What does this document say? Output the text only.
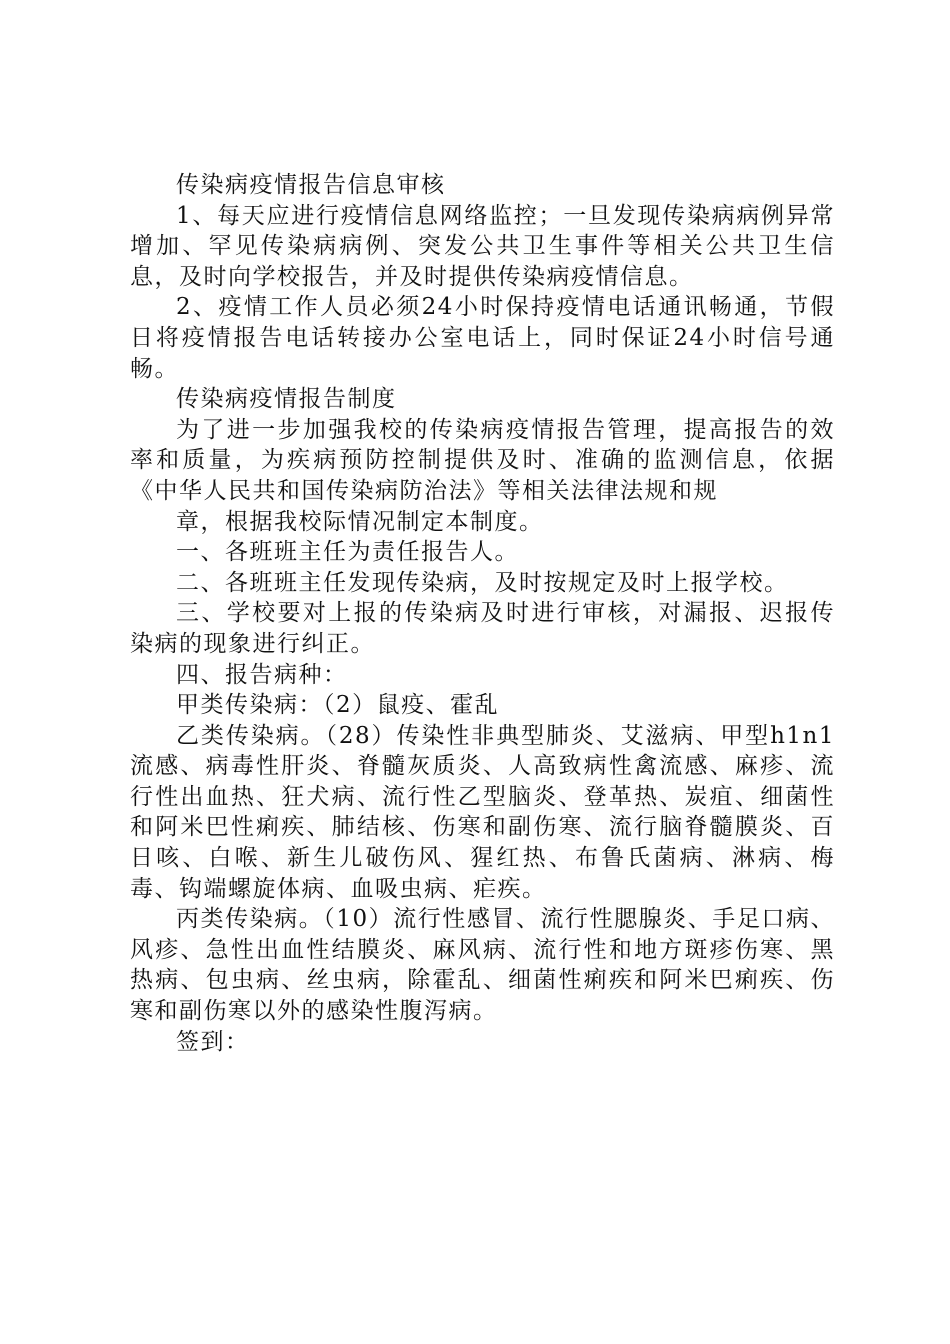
传染病疫情报告信息审核

1、每天应进行疫情信息网络监控；一旦发现传染病病例异常增加、罕见传染病病例、突发公共卫生事件等相关公共卫生信息，及时向学校报告，并及时提供传染病疫情信息。

2、疫情工作人员必须24小时保持疫情电话通讯畅通，节假日将疫情报告电话转接办公室电话上，同时保证24小时信号通畅。

传染病疫情报告制度

为了进一步加强我校的传染病疫情报告管理，提高报告的效率和质量，为疾病预防控制提供及时、准确的监测信息，依据《中华人民共和国传染病防治法》等相关法律法规和规

章，根据我校际情况制定本制度。

一、各班班主任为责任报告人。

二、各班班主任发现传染病，及时按规定及时上报学校。

三、学校要对上报的传染病及时进行审核，对漏报、迟报传染病的现象进行纠正。

四、报告病种：

甲类传染病：（2）鼠疫、霍乱

乙类传染病。（28）传染性非典型肺炎、艾滋病、甲型h1n1流感、病毒性肝炎、脊髓灰质炎、人高致病性禽流感、麻疹、流行性出血热、狂犬病、流行性乙型脑炎、登革热、炭疽、细菌性和阿米巴性痢疾、肺结核、伤寒和副伤寒、流行脑脊髓膜炎、百日咳、白喉、新生儿破伤风、猩红热、布鲁氏菌病、淋病、梅毒、钩端螺旋体病、血吸虫病、疟疾。

丙类传染病。（10）流行性感冒、流行性腮腺炎、手足口病、风疹、急性出血性结膜炎、麻风病、流行性和地方斑疹伤寒、黑热病、包虫病、丝虫病，除霍乱、细菌性痢疾和阿米巴痢疾、伤寒和副伤寒以外的感染性腹泻病。

签到：
